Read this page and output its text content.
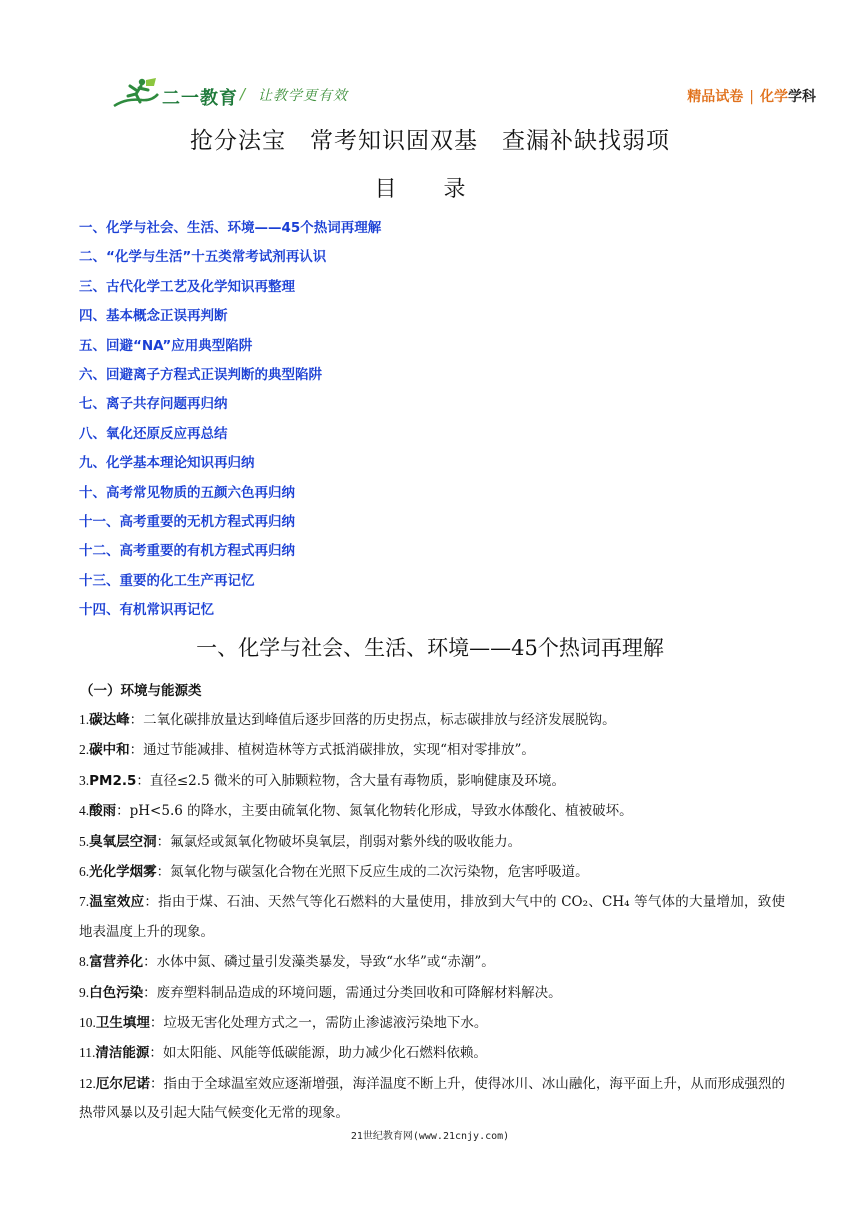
二一教育 / 让教学更有效	精品试卷 | 化学学科
抢分法宝　常考知识固双基　查漏补缺找弱项
目 录
一、化学与社会、生活、环境——45个热词再理解
二、“化学与生活”十五类常考试剂再认识
三、古代化学工艺及化学知识再整理
四、基本概念正误再判断
五、回避“NA”应用典型陷阱
六、回避离子方程式正误判断的典型陷阱
七、离子共存问题再归纳
八、氧化还原反应再总结
九、化学基本理论知识再归纳
十、高考常见物质的五颜六色再归纳
十一、高考重要的无机方程式再归纳
十二、高考重要的有机方程式再归纳
十三、重要的化工生产再记忆
十四、有机常识再记忆
一、化学与社会、生活、环境——45个热词再理解
（一）环境与能源类
1.碳达峰：二氧化碳排放量达到峰值后逐步回落的历史拐点，标志碳排放与经济发展脱钩。
2.碳中和：通过节能减排、植树造林等方式抵消碳排放，实现“相对零排放”。
3.PM2.5：直径≤2.5 微米的可入肺颗粒物，含大量有毒物质，影响健康及环境。
4.酸雨：pH<5.6 的降水，主要由硫氧化物、氮氧化物转化形成，导致水体酸化、植被破坏。
5.臭氧层空洞：氟氯烃或氮氧化物破坏臭氧层，削弱对紫外线的吸收能力。
6.光化学烟雾：氮氧化物与碳氢化合物在光照下反应生成的二次污染物，危害呼吸道。
7.温室效应：指由于煤、石油、天然气等化石燃料的大量使用，排放到大气中的 CO₂、CH₄ 等气体的大量增加，致使地表温度上升的现象。
8.富营养化：水体中氮、磷过量引发藻类暴发，导致“水华”或“赤潮”。
9.白色污染：废弃塑料制品造成的环境问题，需通过分类回收和可降解材料解决。
10.卫生填埋：垃圾无害化处理方式之一，需防止渗滤液污染地下水。
11.清洁能源：如太阳能、风能等低碳能源，助力减少化石燃料依赖。
12.厄尔尼诺：指由于全球温室效应逐渐增强，海洋温度不断上升，使得冰川、冰山融化，海平面上升，从而形成强烈的热带风暴以及引起大陆气候变化无常的现象。
21世纪教育网(www.21cnjy.com)
